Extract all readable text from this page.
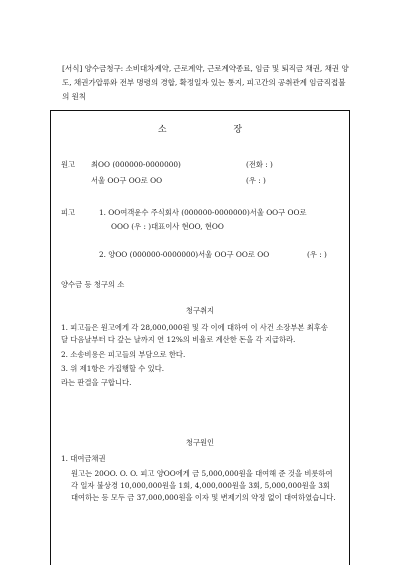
[서식] 양수금청구: 소비대차계약, 근로계약, 근로계약종료, 임금 및 퇴직금 채권, 채권 양도, 채권가압류와 전부 명령의 경합, 확정일자 있는 통지, 피고간의 공취관계 임금직접불의 원칙
소 장
원고 최OO (000000-0000000)	(전화 : )
서울 OO구 OO로 OO	(우 : )
피고	1. OO여객운수 주식회사 (000000-0000000)서울 OO구 OO로
OOO (우 : )대표이사 현OO, 현OO
2. 양OO (000000-0000000)서울 OO구 OO로 OO	(우 : )
양수금 등 청구의 소
청구취지
1. 피고들은 원고에게 각 28,000,000원 및 각 이에 대하여 이 사건 소장부본 최후송달 다음날부터 다 갚는 날까지 연 12%의 비율로 계산한 돈을 각 지급하라.
2. 소송비용은 피고들의 부담으로 한다.
3. 위 제1항은 가집행할 수 있다.
라는 판결을 구합니다.
청구원인
1. 대여금채권
원고는 20OO. O. O. 피고 양OO에게 금 5,000,000원을 대여해 준 것을 비롯하여 각 일자 불상경 10,000,000원을 1회, 4,000,000원을 3회, 5,000,000원을 3회 대여하는 등 모두 금 37,000,000원을 이자 및 변제기의 약정 없이 대여하였습니다.
